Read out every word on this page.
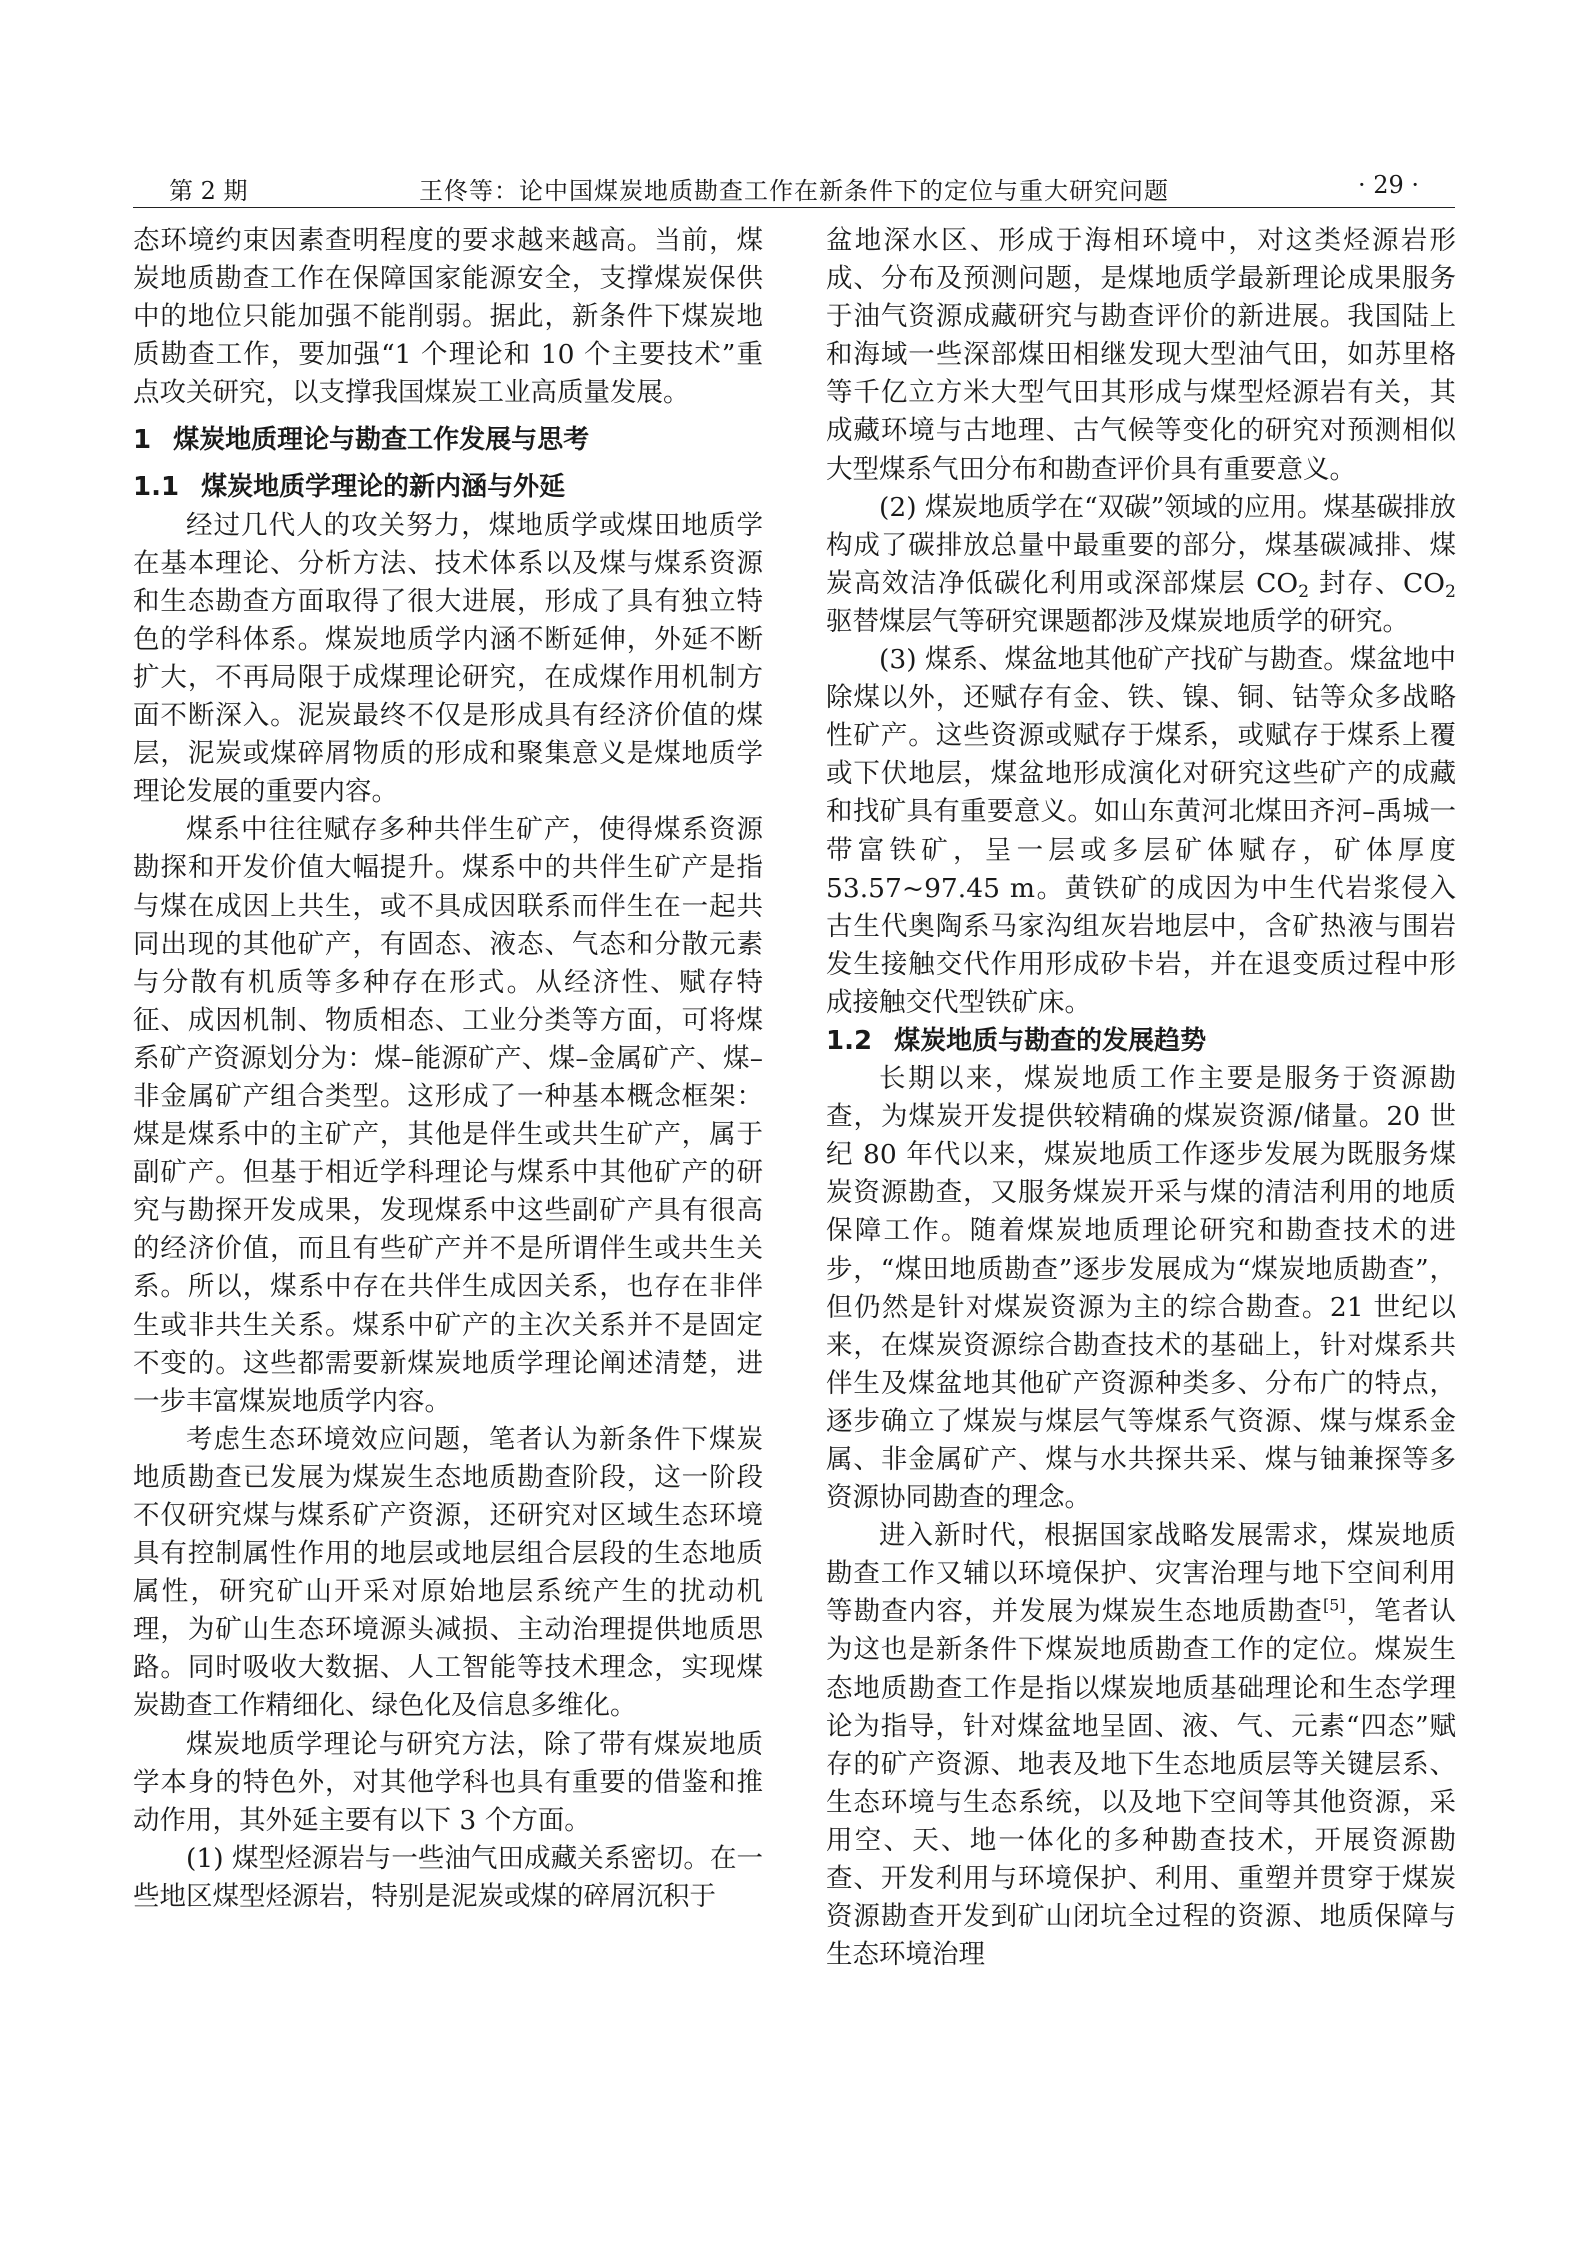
第 2 期	王佟等：论中国煤炭地质勘查工作在新条件下的定位与重大研究问题	· 29 ·

态环境约束因素查明程度的要求越来越高。当前，煤炭地质勘查工作在保障国家能源安全，支撑煤炭保供中的地位只能加强不能削弱。据此，新条件下煤炭地质勘查工作，要加强“1 个理论和 10 个主要技术”重点攻关研究，以支撑我国煤炭工业高质量发展。

1 煤炭地质理论与勘查工作发展与思考
1.1 煤炭地质学理论的新内涵与外延

经过几代人的攻关努力，煤地质学或煤田地质学在基本理论、分析方法、技术体系以及煤与煤系资源和生态勘查方面取得了很大进展，形成了具有独立特色的学科体系。煤炭地质学内涵不断延伸，外延不断扩大，不再局限于成煤理论研究，在成煤作用机制方面不断深入。泥炭最终不仅是形成具有经济价值的煤层，泥炭或煤碎屑物质的形成和聚集意义是煤地质学理论发展的重要内容。

煤系中往往赋存多种共伴生矿产，使得煤系资源勘探和开发价值大幅提升。煤系中的共伴生矿产是指与煤在成因上共生，或不具成因联系而伴生在一起共同出现的其他矿产，有固态、液态、气态和分散元素与分散有机质等多种存在形式。从经济性、赋存特征、成因机制、物质相态、工业分类等方面，可将煤系矿产资源划分为：煤–能源矿产、煤–金属矿产、煤–非金属矿产组合类型。这形成了一种基本概念框架：煤是煤系中的主矿产，其他是伴生或共生矿产，属于副矿产。但基于相近学科理论与煤系中其他矿产的研究与勘探开发成果，发现煤系中这些副矿产具有很高的经济价值，而且有些矿产并不是所谓伴生或共生关系。所以，煤系中存在共伴生成因关系，也存在非伴生或非共生关系。煤系中矿产的主次关系并不是固定不变的。这些都需要新煤炭地质学理论阐述清楚，进一步丰富煤炭地质学内容。

考虑生态环境效应问题，笔者认为新条件下煤炭地质勘查已发展为煤炭生态地质勘查阶段，这一阶段不仅研究煤与煤系矿产资源，还研究对区域生态环境具有控制属性作用的地层或地层组合层段的生态地质属性，研究矿山开采对原始地层系统产生的扰动机理，为矿山生态环境源头减损、主动治理提供地质思路。同时吸收大数据、人工智能等技术理念，实现煤炭勘查工作精细化、绿色化及信息多维化。

煤炭地质学理论与研究方法，除了带有煤炭地质学本身的特色外，对其他学科也具有重要的借鉴和推动作用，其外延主要有以下 3 个方面。

(1) 煤型烃源岩与一些油气田成藏关系密切。在一些地区煤型烃源岩，特别是泥炭或煤的碎屑沉积于

盆地深水区、形成于海相环境中，对这类烃源岩形成、分布及预测问题，是煤地质学最新理论成果服务于油气资源成藏研究与勘查评价的新进展。我国陆上和海域一些深部煤田相继发现大型油气田，如苏里格等千亿立方米大型气田其形成与煤型烃源岩有关，其成藏环境与古地理、古气候等变化的研究对预测相似大型煤系气田分布和勘查评价具有重要意义。

(2) 煤炭地质学在“双碳”领域的应用。煤基碳排放构成了碳排放总量中最重要的部分，煤基碳减排、煤炭高效洁净低碳化利用或深部煤层 $CO_2$ 封存、$CO_2$ 驱替煤层气等研究课题都涉及煤炭地质学的研究。

(3) 煤系、煤盆地其他矿产找矿与勘查。煤盆地中除煤以外，还赋存有金、铁、镍、铜、钴等众多战略性矿产。这些资源或赋存于煤系，或赋存于煤系上覆或下伏地层，煤盆地形成演化对研究这些矿产的成藏和找矿具有重要意义。如山东黄河北煤田齐河–禹城一带富铁矿，呈一层或多层矿体赋存，矿体厚度 53.57~97.45 m。黄铁矿的成因为中生代岩浆侵入古生代奥陶系马家沟组灰岩地层中，含矿热液与围岩发生接触交代作用形成矽卡岩，并在退变质过程中形成接触交代型铁矿床。

1.2 煤炭地质与勘查的发展趋势

长期以来，煤炭地质工作主要是服务于资源勘查，为煤炭开发提供较精确的煤炭资源/储量。20 世纪 80 年代以来，煤炭地质工作逐步发展为既服务煤炭资源勘查，又服务煤炭开采与煤的清洁利用的地质保障工作。随着煤炭地质理论研究和勘查技术的进步，“煤田地质勘查”逐步发展成为“煤炭地质勘查”，但仍然是针对煤炭资源为主的综合勘查。21 世纪以来，在煤炭资源综合勘查技术的基础上，针对煤系共伴生及煤盆地其他矿产资源种类多、分布广的特点，逐步确立了煤炭与煤层气等煤系气资源、煤与煤系金属、非金属矿产、煤与水共探共采、煤与铀兼探等多资源协同勘查的理念。

进入新时代，根据国家战略发展需求，煤炭地质勘查工作又辅以环境保护、灾害治理与地下空间利用等勘查内容，并发展为煤炭生态地质勘查[5]，笔者认为这也是新条件下煤炭地质勘查工作的定位。煤炭生态地质勘查工作是指以煤炭地质基础理论和生态学理论为指导，针对煤盆地呈固、液、气、元素“四态”赋存的矿产资源、地表及地下生态地质层等关键层系、生态环境与生态系统，以及地下空间等其他资源，采用空、天、地一体化的多种勘查技术，开展资源勘查、开发利用与环境保护、利用、重塑并贯穿于煤炭资源勘查开发到矿山闭坑全过程的资源、地质保障与生态环境治理
